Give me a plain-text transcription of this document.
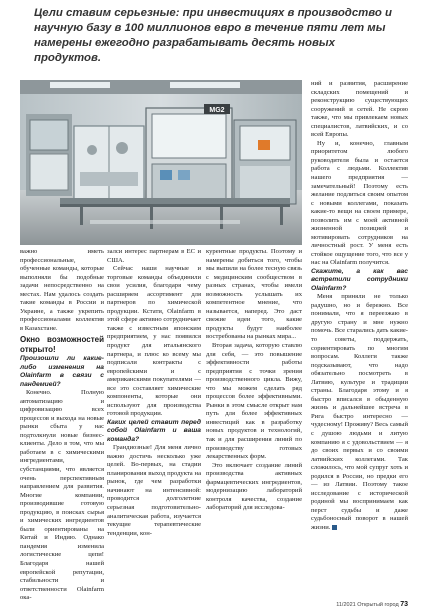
Цели ставим серьезные: при инвестициях в производство и научную базу в 100 миллионов евро в течение пяти лет мы намерены ежегодно разрабатывать десять новых продуктов.
MG2

важно иметь профессиональные, обученные команды, которые выполняли бы подобные задачи непосредственно на местах. Нам удалось создать такие команды в России и Украине, а также укрепить профессионалами коллектив в Казахстане.

Окно возможностей открыто!

Произошли ли какие-либо изменения на Olainfarm в связи с пандемией?

Конечно. Полную автоматизацию и цифровизацию всех процессов и выхода на новые рынки сбыта у нас подтолкнули новые бизнес-клиенты. Дело в том, что мы работаем в с химическими ингредиентами, субстанциями, что является очень перспективным направлением для развития. Многие компании, производившие готовую продукцию, в поисках сырья и химических ингредиентов были ориентированы на Китай и Индию. Однако пандемия изменила логистические цепи! Благодаря нашей европейской репутации, стабильности и ответственности Olainfarm ока-

залси интерес партнерам в ЕС и США.

Сейчас наши научные и торговые команды объединили свои усилия, благодаря чему расширяем ассортимент для партнеров по химической продукции. Кстати, Olainfarm в этой сфере активно сотрудничает также с известным японским предприятием, у нас появился продукт для итальянского партнера, и плюс ко всему мы подписали контракты с европейскими и с американскими покупателями — все это составляет химические компоненты, которые они используют для производства готовой продукции.

Каких целей ставит перед собой Olainfarm и ваша команда?

Грандиозные! Для меня лично важно достичь несколько уже целей. Во-первых, на стадии планирования выход продукта на рынок, где чем разработки начинают на интенсивной: проводится долголетние серьезная подготовительно-аналитическая работа, изучается текущие терапевтические тенденции, кон-

курентные продукты. Поэтому и намерены добиться того, чтобы мы выпили на более тесную связь с медицинским сообществом в разных странах, чтобы имели возможность услышать их компетентное мнение, что называется, наперед. Это даст свежие идеи того, какие продукты будут наиболее востребованы на рынках мира...

Вторая задача, которую ставлю для себя, — это повышение эффективности работы предприятия с точки зрения производственного цикла. Вижу, что мы можем сделать ряд процессов более эффективными. Рынки в этом смысле открыт нам путь для более эффективных инвестиций как в разработку новых продуктов и технологий, так и для расширения линий по производству готовых лекарственных форм.

Это включает создание линий производства активных фармацевтических ингредиентов, модернизацию лабораторий контроля качества, создание лабораторий для исследова-

ний и развития, расширение складских помещений и реконструкцию существующих сооружений и сетей. Не скрою также, что мы привлекаем новых специалистов, латвийских, и со всей Европы.

Ну и, конечно, главным приоритетом любого руководителя была и остается работа с людьми. Коллектив нашего предприятия — замечательный! Поэтому есть желание подлиться своим опытом с новыми коллегами, показать какие-то вещи на своем примере, позволить им с моей активной жизненной позицией и мотивировать сотрудников на личностный рост. У меня есть стойкое ощущение того, что все у нас на Olainfarm получится.

Скажите, а как вас встретили сотрудники Olainfarm?

Меня приняли не только радушно, но и бережно. Все понимали, что я переезжаю в другую страну и мне нужно помочь. Все старались дать какие-то советы, поддержать, сориентировать по многим вопросам. Коллеги также подсказывают, что надо обязательно посмотреть в Латвию, культуре и традиции страны. Благодаря этому и я быстро вписался в обыденную жизнь и дальнейшее встреча в Рига быстро интересно — чудесному! Проживу? Весь самый с душою людьми и литую компанию я с удовольствием — я до своих первых и со своими латвийских коллегами. Так сложилось, что мой супруг хоть и родился в России, но предки его — из Латвии. Поэтому такое исследование с исторической родиной мы воспринимаем как перст судьбы и даже судьбоносный поворот в нашей жизни.

11/2021 Открытый город 73
